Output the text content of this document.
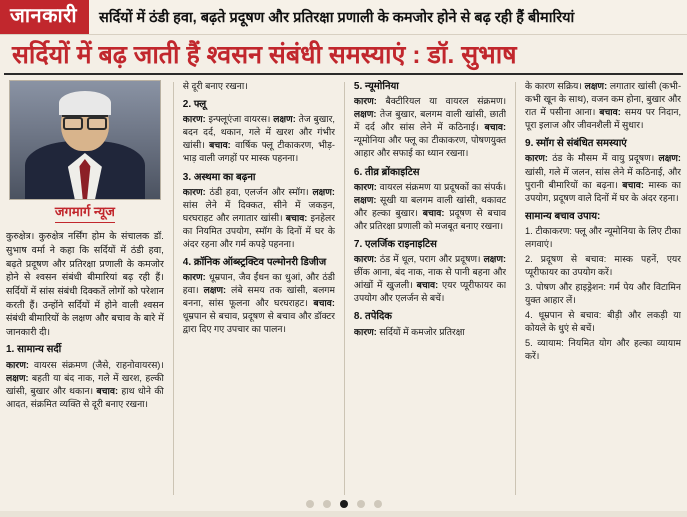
जानकारी	सर्दियों में ठंडी हवा, बढ़ते प्रदूषण और प्रतिरक्षा प्रणाली के कमजोर होने से बढ़ रही हैं बीमारियां
सर्दियों में बढ़ जाती हैं श्वसन संबंधी समस्याएं : डॉ. सुभाष
जगमार्ग न्यूज

कुरुक्षेत्र। कुरुक्षेत्र नर्सिंग होम के संचालक डॉ. सुभाष वर्मा ने कहा कि सर्दियों में ठंडी हवा, बढ़ते प्रदूषण और प्रतिरक्षा प्रणाली के कमजोर होने से श्वसन संबंधी बीमारियां बढ़ रही हैं। सर्दियों में सांस संबंधी दिक्कतें लोगों को परेशान करती हैं। उन्होंने सर्दियों में होने वाली श्वसन संबंधी बीमारियों के लक्षण और बचाव के बारे में जानकारी दी।

1. सामान्य सर्दी

कारण: वायरस संक्रमण (जैसे, राहनोवायरस)। लक्षण: बहती या बंद नाक, गले में खरश, हल्की खांसी, बुखार और थकान। बचाव: हाथ धोने की आदत, संक्रमित व्यक्ति से दूरी बनाए रखना।

से दूरी बनाए रखना।

2. फ्लू

कारण: इन्फ्लूएंजा वायरस। लक्षण: तेज बुखार, बदन दर्द, थकान, गले में खरश और गंभीर खांसी। बचाव: वार्षिक फ्लू टीकाकरण, भीड़-भाड़ वाली जगहों पर मास्क पहनना।

3. अस्थमा का बढ़ना

कारण: ठंडी हवा, एलर्जन और स्मॉग। लक्षण: सांस लेने में दिक्कत, सीने में जकड़न, घरघराहट और लगातार खांसी। बचाव: इनहेलर का नियमित उपयोग, स्मॉग के दिनों में घर के अंदर रहना और गर्म कपड़े पहनना।

4. क्रॉनिक ऑब्स्ट्रक्टिव पल्मोनरी डिजीज

कारण: धूम्रपान, जैव ईंधन का धुआं, और ठंडी हवा। लक्षण: लंबे समय तक खांसी, बलगम बनना, सांस फूलना और घरघराहट। बचाव: धूम्रपान से बचाव, प्रदूषण से बचाव और डॉक्टर द्वारा दिए गए उपचार का पालन।

5. न्यूमोनिया

कारण: बैक्टीरियल या वायरल संक्रमण। लक्षण: तेज बुखार, बलगम वाली खांसी, छाती में दर्द और सांस लेने में कठिनाई। बचाव: न्यूमोनिया और फ्लू का टीकाकरण, पोषणयुक्त आहार और सफाई का ध्यान रखना।

6. तीव्र ब्रोंकाइटिस

कारण: वायरल संक्रमण या प्रदूषकों का संपर्क। लक्षण: सूखी या बलगम वाली खांसी, थकावट और हल्का बुखार। बचाव: प्रदूषण से बचाव और प्रतिरक्षा प्रणाली को मजबूत बनाए रखना।

7. एलर्जिक राइनाइटिस

कारण: ठंड में धूल, पराग और प्रदूषण। लक्षण: छींक आना, बंद नाक, नाक से पानी बहना और आंखों में खुजली। बचाव: एयर प्यूरीफायर का उपयोग और एलर्जन से बचें।

8. तपेदिक

कारण: सर्दियों में कमजोर प्रतिरक्षा

के कारण सक्रिय। लक्षण: लगातार खांसी (कभी-कभी खून के साथ), वजन कम होना, बुखार और रात में पसीना आना। बचाव: समय पर निदान, पूरा इलाज और जीवनशैली में सुधार।

9. स्मॉग से संबंधित समस्याएं

कारण: ठंड के मौसम में वायु प्रदूषण। लक्षण: खांसी, गले में जलन, सांस लेने में कठिनाई, और पुरानी बीमारियों का बढ़ना। बचाव: मास्क का उपयोग, प्रदूषण वाले दिनों में घर के अंदर रहना।

सामान्य बचाव उपाय:

1. टीकाकरण: फ्लू और न्यूमोनिया के लिए टीका लगवाएं।

2. प्रदूषण से बचाव: मास्क पहनें, एयर प्यूरीफायर का उपयोग करें।

3. पोषण और हाइड्रेशन: गर्म पेय और विटामिन युक्त आहार लें।

4. धूम्रपान से बचाव: बीड़ी और लकड़ी या कोयले के धुएं से बचें।

5. व्यायाम: नियमित योग और हल्का व्यायाम करें।
